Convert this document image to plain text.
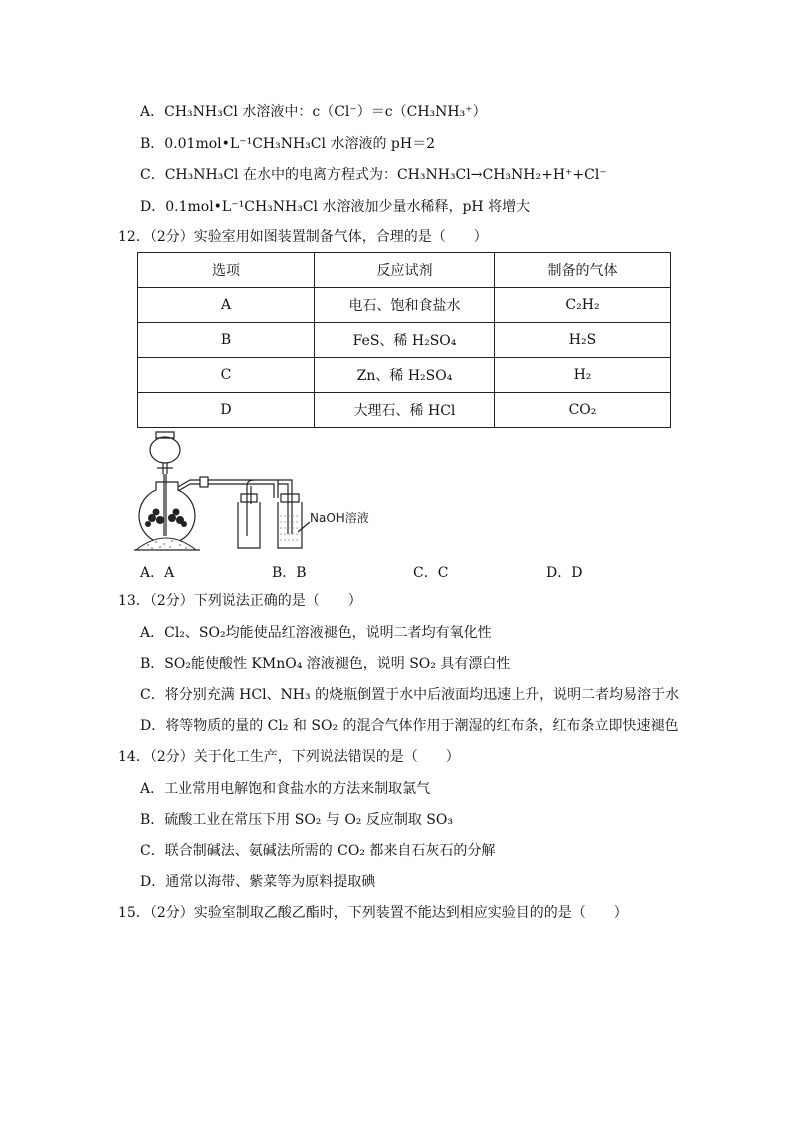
A．CH₃NH₃Cl 水溶液中：c（Cl⁻）＝c（CH₃NH₃⁺）
B．0.01mol•L⁻¹CH₃NH₃Cl 水溶液的 pH＝2
C．CH₃NH₃Cl 在水中的电离方程式为：CH₃NH₃Cl→CH₃NH₂+H⁺+Cl⁻
D．0.1mol•L⁻¹CH₃NH₃Cl 水溶液加少量水稀释，pH 将增大
12．（2分）实验室用如图装置制备气体，合理的是（　　）
选项	反应试剂	制备的气体
A	电石、饱和食盐水	C₂H₂
B	FeS、稀 H₂SO₄	H₂S
C	Zn、稀 H₂SO₄	H₂
D	大理石、稀 HCl	CO₂
NaOH溶液
A．A	B．B	C．C	D．D
13．（2分）下列说法正确的是（　　）
A．Cl₂、SO₂均能使品红溶液褪色，说明二者均有氧化性
B．SO₂能使酸性 KMnO₄ 溶液褪色，说明 SO₂ 具有漂白性
C．将分别充满 HCl、NH₃ 的烧瓶倒置于水中后液面均迅速上升，说明二者均易溶于水
D．将等物质的量的 Cl₂ 和 SO₂ 的混合气体作用于潮湿的红布条，红布条立即快速褪色
14．（2分）关于化工生产，下列说法错误的是（　　）
A．工业常用电解饱和食盐水的方法来制取氯气
B．硫酸工业在常压下用 SO₂ 与 O₂ 反应制取 SO₃
C．联合制碱法、氨碱法所需的 CO₂ 都来自石灰石的分解
D．通常以海带、紫菜等为原料提取碘
15．（2分）实验室制取乙酸乙酯时，下列装置不能达到相应实验目的的是（　　）
